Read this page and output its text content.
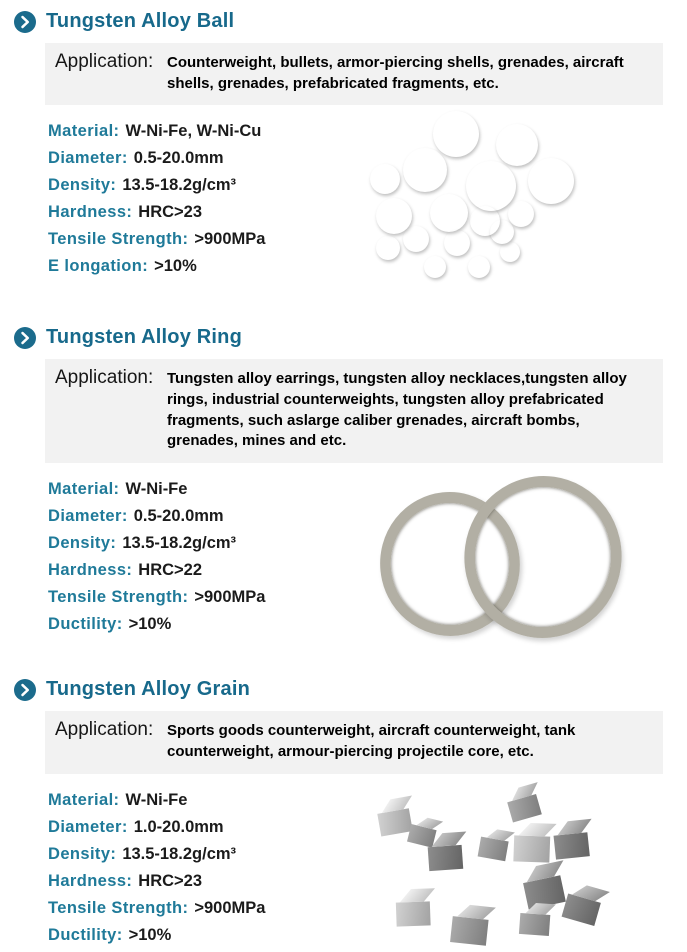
Tungsten Alloy Ball
Application: Counterweight, bullets, armor-piercing shells, grenades, aircraft shells, grenades, prefabricated fragments, etc.
Material: W-Ni-Fe, W-Ni-Cu
Diameter: 0.5-20.0mm
Density: 13.5-18.2g/cm³
Hardness: HRC>23
Tensile Strength: >900MPa
E longation: >10%
Tungsten Alloy Ring
Application: Tungsten alloy earrings, tungsten alloy necklaces,tungsten alloy rings, industrial counterweights, tungsten alloy prefabricated fragments, such aslarge caliber grenades, aircraft bombs, grenades, mines and etc.
Material: W-Ni-Fe
Diameter: 0.5-20.0mm
Density: 13.5-18.2g/cm³
Hardness: HRC>22
Tensile Strength: >900MPa
Ductility: >10%
Tungsten Alloy Grain
Application: Sports goods counterweight, aircraft counterweight, tank counterweight, armour-piercing projectile core, etc.
Material: W-Ni-Fe
Diameter: 1.0-20.0mm
Density: 13.5-18.2g/cm³
Hardness: HRC>23
Tensile Strength: >900MPa
Ductility: >10%
